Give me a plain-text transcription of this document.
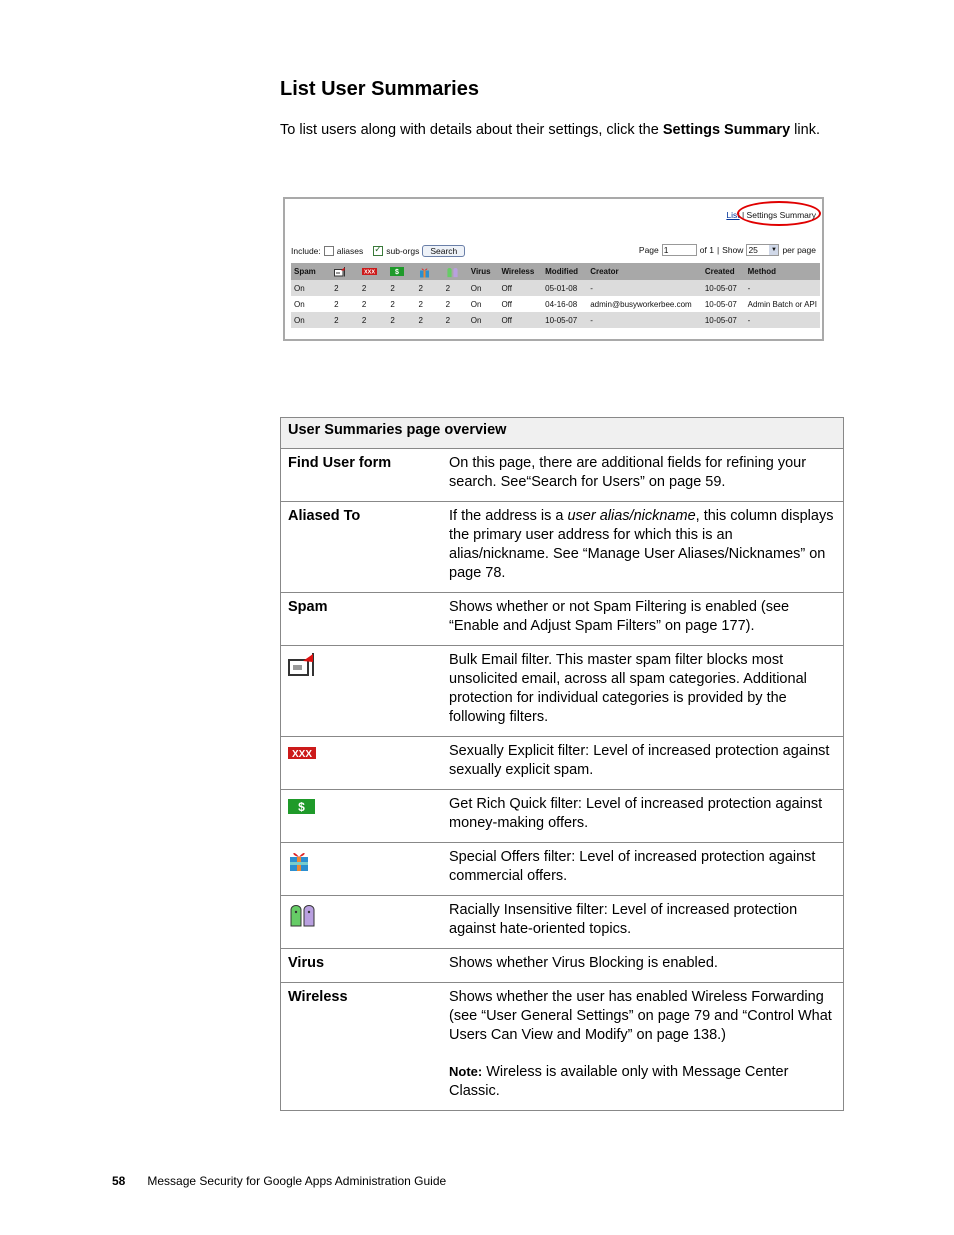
List User Summaries

To list users along with details about their settings, click the Settings Summary link.

List | Settings Summary
Include: aliases ✓	sub-orgs	Search	Page 1	of 1 | Show 25 ▼ per page
Spam		XXX	$			Virus	Wireless	Modified	Creator	Created	Method
On	2	2	2	2	2	On	Off	05-01-08	-	10-05-07	-
On	2	2	2	2	2	On	Off	04-16-08	admin@busyworkerbee.com	10-05-07	Admin Batch or API
On	2	2	2	2	2	On	Off	10-05-07	-	10-05-07	-
User Summaries page overview	
Find User form	On this page, there are additional fields for refining your search. See“Search for Users” on page 59.
Aliased To	If the address is a user alias/nickname, this column displays the primary user address for which this is an alias/nickname. See “Manage User Aliases/Nicknames” on page 78.
Spam	Shows whether or not Spam Filtering is enabled (see “Enable and Adjust Spam Filters” on page 177).
	Bulk Email filter. This master spam filter blocks most unsolicited email, across all spam categories. Additional protection for individual categories is provided by the following filters.

XXX	Sexually Explicit filter: Level of increased protection against sexually explicit spam.

$	Get Rich Quick filter: Level of increased protection against money-making offers.
	Special Offers filter: Level of increased protection against commercial offers.
	Racially Insensitive filter: Level of increased protection against hate-oriented topics.
Virus	Shows whether Virus Blocking is enabled.
Wireless	Shows whether the user has enabled Wireless Forwarding (see “User General Settings” on page 79 and “Control What Users Can View and Modify” on page 138.)
Note: Wireless is available only with Message Center Classic.
58 Message Security for Google Apps Administration Guide
